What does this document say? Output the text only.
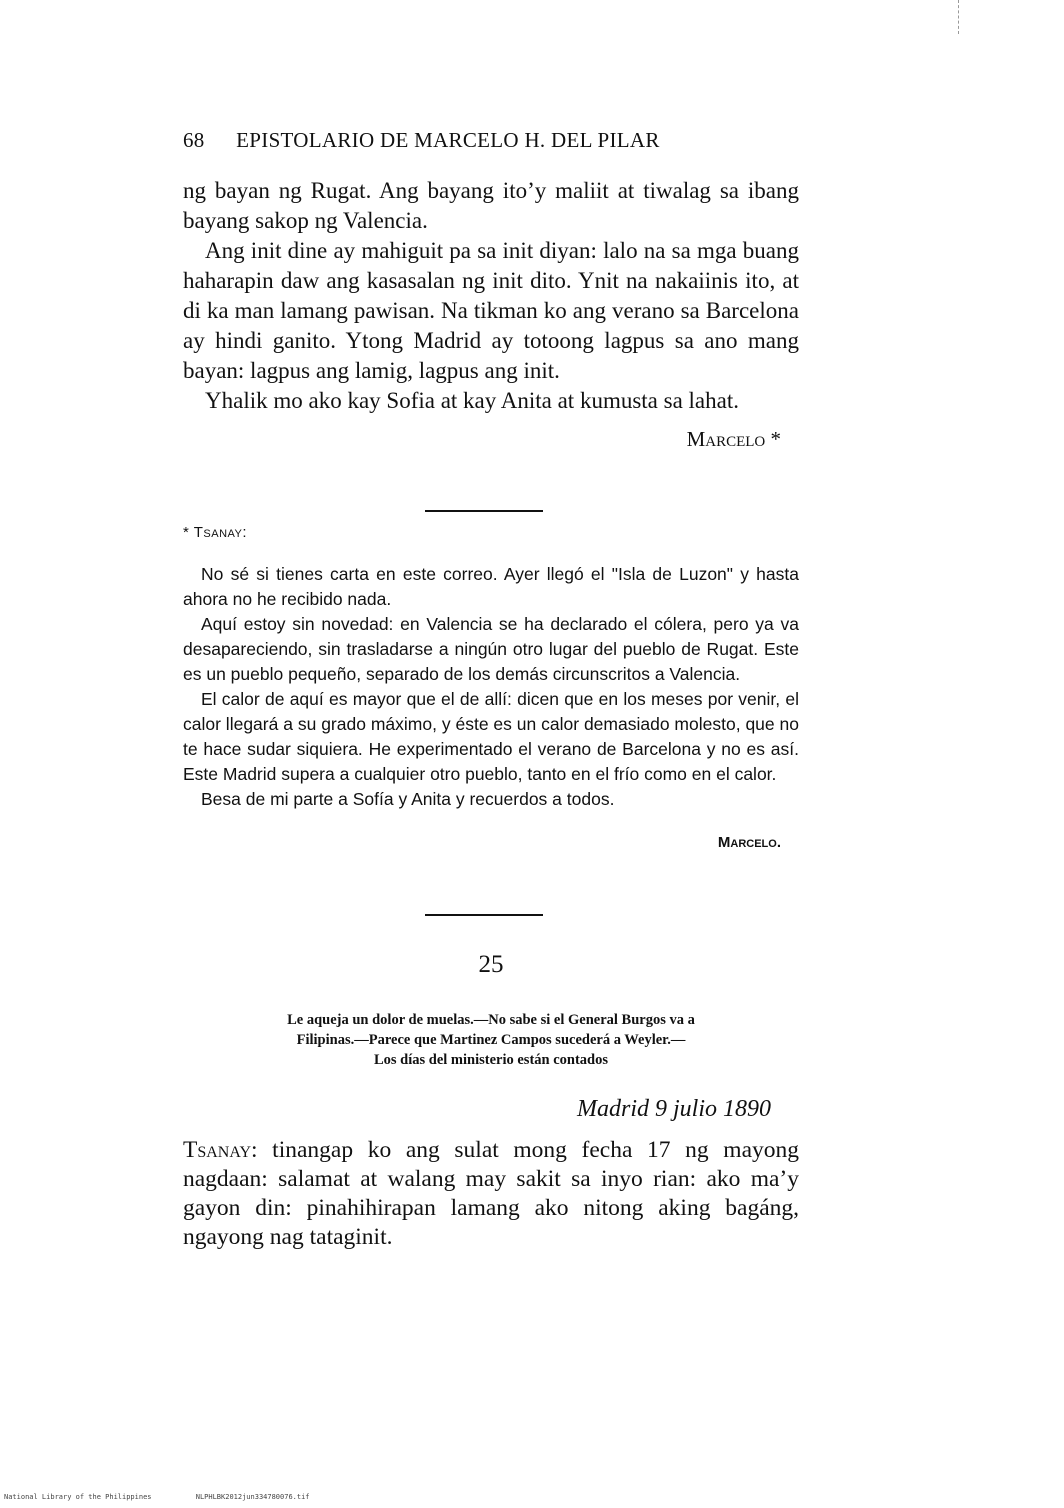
68 EPISTOLARIO DE MARCELO H. DEL PILAR

ng bayan ng Rugat. Ang bayang ito’y maliit at tiwalag sa ibang bayang sakop ng Valencia.

Ang init dine ay mahiguit pa sa init diyan: lalo na sa mga buang haharapin daw ang kasasalan ng init dito. Ynit na nakaiinis ito, at di ka man lamang pawisan. Na tikman ko ang verano sa Barcelona ay hindi ganito. Ytong Madrid ay totoong lagpus sa ano mang bayan: lagpus ang lamig, lagpus ang init.

Yhalik mo ako kay Sofia at kay Anita at kumusta sa lahat.

Marcelo *
* Tsanay:

No sé si tienes carta en este correo. Ayer llegó el "Isla de Luzon" y hasta ahora no he recibido nada.

Aquí estoy sin novedad: en Valencia se ha declarado el cólera, pero ya va desapareciendo, sin trasladarse a ningún otro lugar del pueblo de Rugat. Este es un pueblo pequeño, separado de los demás circunscritos a Valencia.

El calor de aquí es mayor que el de allí: dicen que en los meses por venir, el calor llegará a su grado máximo, y éste es un calor demasiado molesto, que no te hace sudar siquiera. He experimentado el verano de Barcelona y no es así. Este Madrid supera a cualquier otro pueblo, tanto en el frío como en el calor.

Besa de mi parte a Sofía y Anita y recuerdos a todos.

Marcelo.
25
Le aqueja un dolor de muelas.—No sabe si el General Burgos va a
Filipinas.—Parece que Martinez Campos sucederá a Weyler.—
Los días del ministerio están contados
Madrid 9 julio 1890
Tsanay: tinangap ko ang sulat mong fecha 17 ng mayong nagdaan: salamat at walang may sakit sa inyo rian: ako ma’y gayon din: pinahihirapan lamang ako nitong aking bagáng, ngayong nag tataginit.
National Library of the Philippines	NLPHLBK2012jun334780076.tif
